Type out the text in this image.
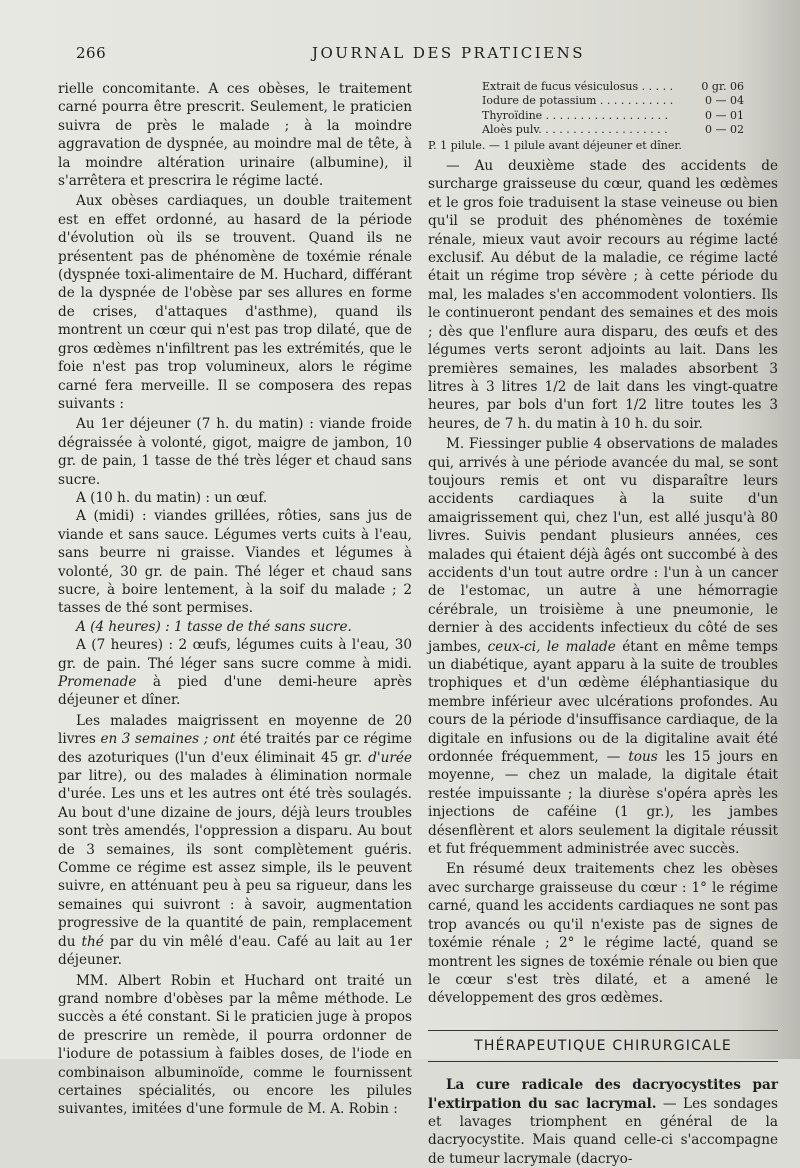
266	JOURNAL DES PRATICIENS

rielle concomitante. A ces obèses, le traitement carné pourra être prescrit. Seulement, le praticien suivra de près le malade ; à la moindre aggravation de dyspnée, au moindre mal de tête, à la moindre altération urinaire (albumine), il s'arrêtera et prescrira le régime lacté.

Aux obèses cardiaques, un double traitement est en effet ordonné, au hasard de la période d'évolution où ils se trouvent. Quand ils ne présentent pas de phénomène de toxémie rénale (dyspnée toxi-alimentaire de M. Huchard, différant de la dyspnée de l'obèse par ses allures en forme de crises, d'attaques d'asthme), quand ils montrent un cœur qui n'est pas trop dilaté, que de gros œdèmes n'infiltrent pas les extrémités, que le foie n'est pas trop volumineux, alors le régime carné fera merveille. Il se composera des repas suivants :

Au 1er déjeuner (7 h. du matin) : viande froide dégraissée à volonté, gigot, maigre de jambon, 10 gr. de pain, 1 tasse de thé très léger et chaud sans sucre.

A (10 h. du matin) : un œuf.

A (midi) : viandes grillées, rôties, sans jus de viande et sans sauce. Légumes verts cuits à l'eau, sans beurre ni graisse. Viandes et légumes à volonté, 30 gr. de pain. Thé léger et chaud sans sucre, à boire lentement, à la soif du malade ; 2 tasses de thé sont permises.

A (4 heures) : 1 tasse de thé sans sucre.

A (7 heures) : 2 œufs, légumes cuits à l'eau, 30 gr. de pain. Thé léger sans sucre comme à midi. Promenade à pied d'une demi-heure après déjeuner et dîner.

Les malades maigrissent en moyenne de 20 livres en 3 semaines ; ont été traités par ce régime des azoturiques (l'un d'eux éliminait 45 gr. d'urée par litre), ou des malades à élimination normale d'urée. Les uns et les autres ont été très soulagés. Au bout d'une dizaine de jours, déjà leurs troubles sont très amendés, l'oppression a disparu. Au bout de 3 semaines, ils sont complètement guéris. Comme ce régime est assez simple, ils le peuvent suivre, en atténuant peu à peu sa rigueur, dans les semaines qui suivront : à savoir, augmentation progressive de la quantité de pain, remplacement du thé par du vin mêlé d'eau. Café au lait au 1er déjeuner.

MM. Albert Robin et Huchard ont traité un grand nombre d'obèses par la même méthode. Le succès a été constant. Si le praticien juge à propos de prescrire un remède, il pourra ordonner de l'iodure de potassium à faibles doses, de l'iode en combinaison albuminoïde, comme le fournissent certaines spécialités, ou encore les pilules suivantes, imitées d'une formule de M. A. Robin :

Extrait de fucus vésiculosus . . . . .	0 gr. 06
Iodure de potassium . . . . . . . . . . .	0 — 04
Thyroïdine . . . . . . . . . . . . . . . . . .	0 — 01
Aloès pulv. . . . . . . . . . . . . . . . . . .	0 — 02
P. 1 pilule. — 1 pilule avant déjeuner et dîner.

— Au deuxième stade des accidents de surcharge graisseuse du cœur, quand les œdèmes et le gros foie traduisent la stase veineuse ou bien qu'il se produit des phénomènes de toxémie rénale, mieux vaut avoir recours au régime lacté exclusif. Au début de la maladie, ce régime lacté était un régime trop sévère ; à cette période du mal, les malades s'en accommodent volontiers. Ils le continueront pendant des semaines et des mois ; dès que l'enflure aura disparu, des œufs et des légumes verts seront adjoints au lait. Dans les premières semaines, les malades absorbent 3 litres à 3 litres 1/2 de lait dans les vingt-quatre heures, par bols d'un fort 1/2 litre toutes les 3 heures, de 7 h. du matin à 10 h. du soir.

M. Fiessinger publie 4 observations de malades qui, arrivés à une période avancée du mal, se sont toujours remis et ont vu disparaître leurs accidents cardiaques à la suite d'un amaigrissement qui, chez l'un, est allé jusqu'à 80 livres. Suivis pendant plusieurs années, ces malades qui étaient déjà âgés ont succombé à des accidents d'un tout autre ordre : l'un à un cancer de l'estomac, un autre à une hémorragie cérébrale, un troisième à une pneumonie, le dernier à des accidents infectieux du côté de ses jambes, ceux-ci, le malade étant en même temps un diabétique, ayant apparu à la suite de troubles trophiques et d'un œdème éléphantiasique du membre inférieur avec ulcérations profondes. Au cours de la période d'insuffisance cardiaque, de la digitale en infusions ou de la digitaline avait été ordonnée fréquemment, — tous les 15 jours en moyenne, — chez un malade, la digitale était restée impuissante ; la diurèse s'opéra après les injections de caféine (1 gr.), les jambes désenflèrent et alors seulement la digitale réussit et fut fréquemment administrée avec succès.

En résumé deux traitements chez les obèses avec surcharge graisseuse du cœur : 1° le régime carné, quand les accidents cardiaques ne sont pas trop avancés ou qu'il n'existe pas de signes de toxémie rénale ; 2° le régime lacté, quand se montrent les signes de toxémie rénale ou bien que le cœur s'est très dilaté, et a amené le développement des gros œdèmes.

THÉRAPEUTIQUE CHIRURGICALE

La cure radicale des dacryocystites par l'extirpation du sac lacrymal. — Les sondages et lavages triomphent en général de la dacryocystite. Mais quand celle-ci s'accompagne de tumeur lacrymale (dacryo-
